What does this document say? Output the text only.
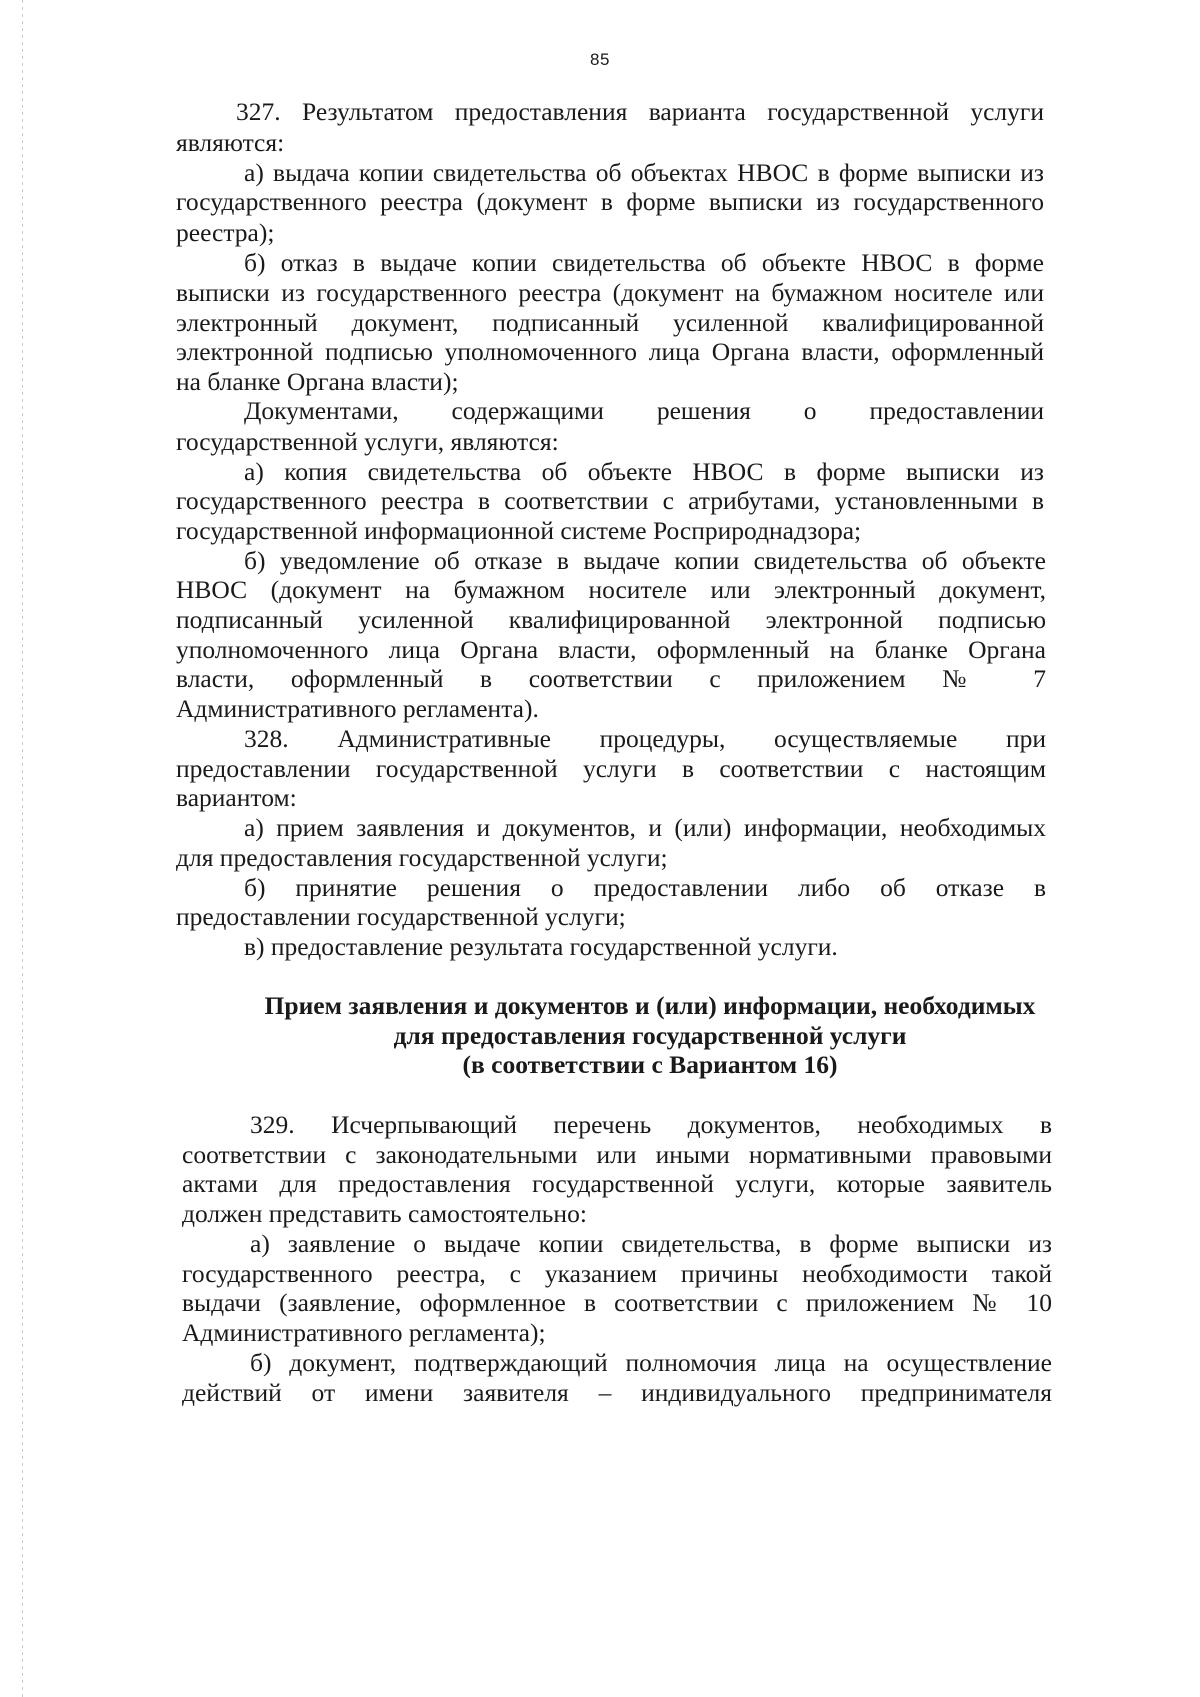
85
327. Результатом предоставления варианта государственной услуги
являются:
а) выдача копии свидетельства об объектах НВОС в форме выписки из
государственного реестра (документ в форме выписки из государственного
реестра);
б) отказ в выдаче копии свидетельства об объекте НВОС в форме
выписки из государственного реестра (документ на бумажном носителе или
электронный документ, подписанный усиленной квалифицированной
электронной подписью уполномоченного лица Органа власти, оформленный
на бланке Органа власти);
Документами, содержащими решения о предоставлении
государственной услуги, являются:
а) копия свидетельства об объекте НВОС в форме выписки из
государственного реестра в соответствии с атрибутами, установленными в
государственной информационной системе Росприроднадзора;
б) уведомление об отказе в выдаче копии свидетельства об объекте
НВОС (документ на бумажном носителе или электронный документ,
подписанный усиленной квалифицированной электронной подписью
уполномоченного лица Органа власти, оформленный на бланке Органа
власти, оформленный в соответствии с приложением № 7
Административного регламента).
328. Административные процедуры, осуществляемые при
предоставлении государственной услуги в соответствии с настоящим
вариантом:
а) прием заявления и документов, и (или) информации, необходимых
для предоставления государственной услуги;
б) принятие решения о предоставлении либо об отказе в
предоставлении государственной услуги;
в) предоставление результата государственной услуги.
Прием заявления и документов и (или) информации, необходимых
для предоставления государственной услуги
(в соответствии с Вариантом 16)
329. Исчерпывающий перечень документов, необходимых в
соответствии с законодательными или иными нормативными правовыми
актами для предоставления государственной услуги, которые заявитель
должен представить самостоятельно:
а) заявление о выдаче копии свидетельства, в форме выписки из
государственного реестра, с указанием причины необходимости такой
выдачи (заявление, оформленное в соответствии с приложением № 10
Административного регламента);
б) документ, подтверждающий полномочия лица на осуществление
действий от имени заявителя – индивидуального предпринимателя
